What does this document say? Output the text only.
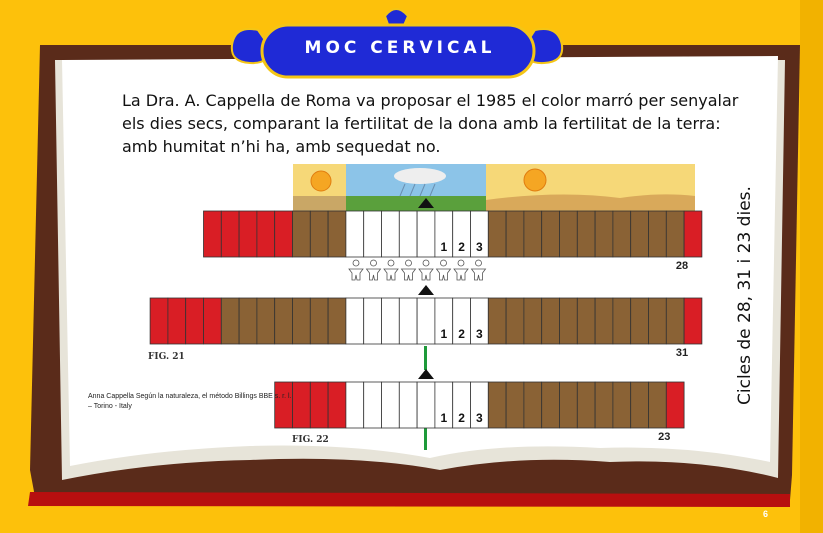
1 2 3
28
1 2 3
31
1 2 3
23
MOC CERVICAL

La Dra. A. Cappella de Roma va proposar el 1985 el color marró per senyalar els dies secs, comparant la fertilitat de la dona amb la fertilitat de la terra: amb humitat n’hi ha, amb sequedat no.

Cicles de 28, 31 i 23 dies.

Anna Cappella Según la naturaleza, el método Billings BBE s. r. l. – Torino - Italy

FIG. 21
FIG. 22
6
